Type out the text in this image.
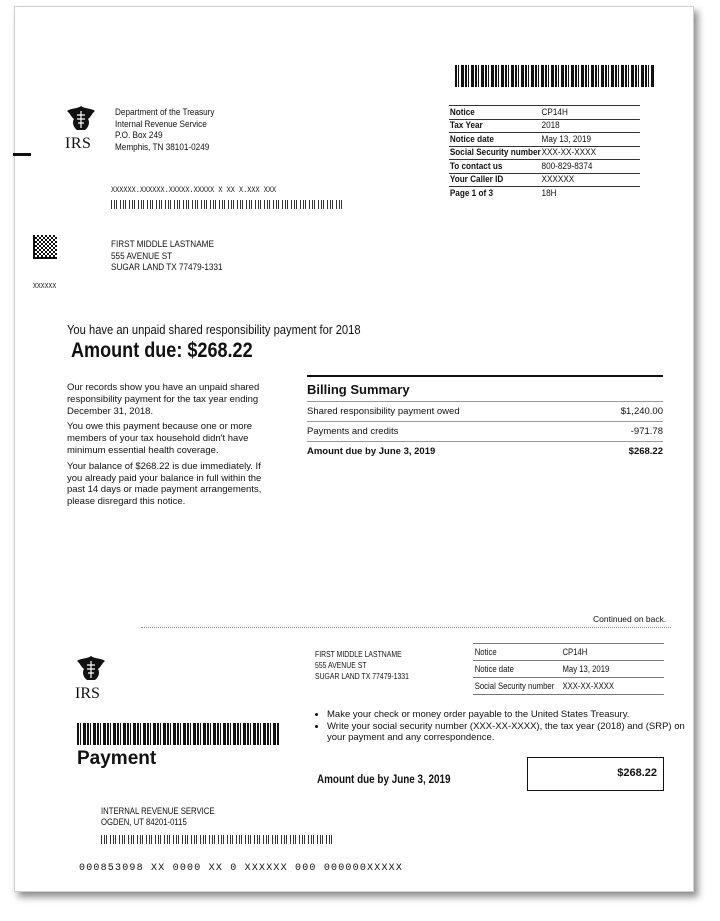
IRS
Department of the Treasury
Internal Revenue Service
P.O. Box 249
Memphis, TN 38101-0249
Notice	CP14H
Tax Year	2018
Notice date	May 13, 2019
Social Security number	XXX-XX-XXXX
To contact us	800-829-8374
Your Caller ID	XXXXXX
Page 1 of 3	18H
XXXXXX.XXXXXX.XXXXX.XXXXX X XX X.XXX XXX
FIRST MIDDLE LASTNAME
555 AVENUE ST
SUGAR LAND TX 77479-1331
XXXXXX
You have an unpaid shared responsibility payment for 2018
Amount due: $268.22

Our records show you have an unpaid shared responsibility payment for the tax year ending December 31, 2018.

You owe this payment because one or more members of your tax household didn't have minimum essential health coverage.

Your balance of $268.22 is due immediately. If you already paid your balance in full within the past 14 days or made payment arrangements, please disregard this notice.

Billing Summary
Shared responsibility payment owed	$1,240.00
Payments and credits	-971.78
Amount due by June 3, 2019	$268.22
Continued on back.
IRS
FIRST MIDDLE LASTNAME
555 AVENUE ST
SUGAR LAND TX 77479-1331
Notice	CP14H
Notice date	May 13, 2019
Social Security number	XXX-XX-XXXX
Payment
• Make your check or money order payable to the United States Treasury.
• Write your social security number (XXX-XX-XXXX), the tax year (2018) and (SRP) on your payment and any correspondence.
Amount due by June 3, 2019
$268.22
INTERNAL REVENUE SERVICE
OGDEN, UT 84201-0115
000853098 XX 0000 XX 0 XXXXXX 000 000000XXXXX
